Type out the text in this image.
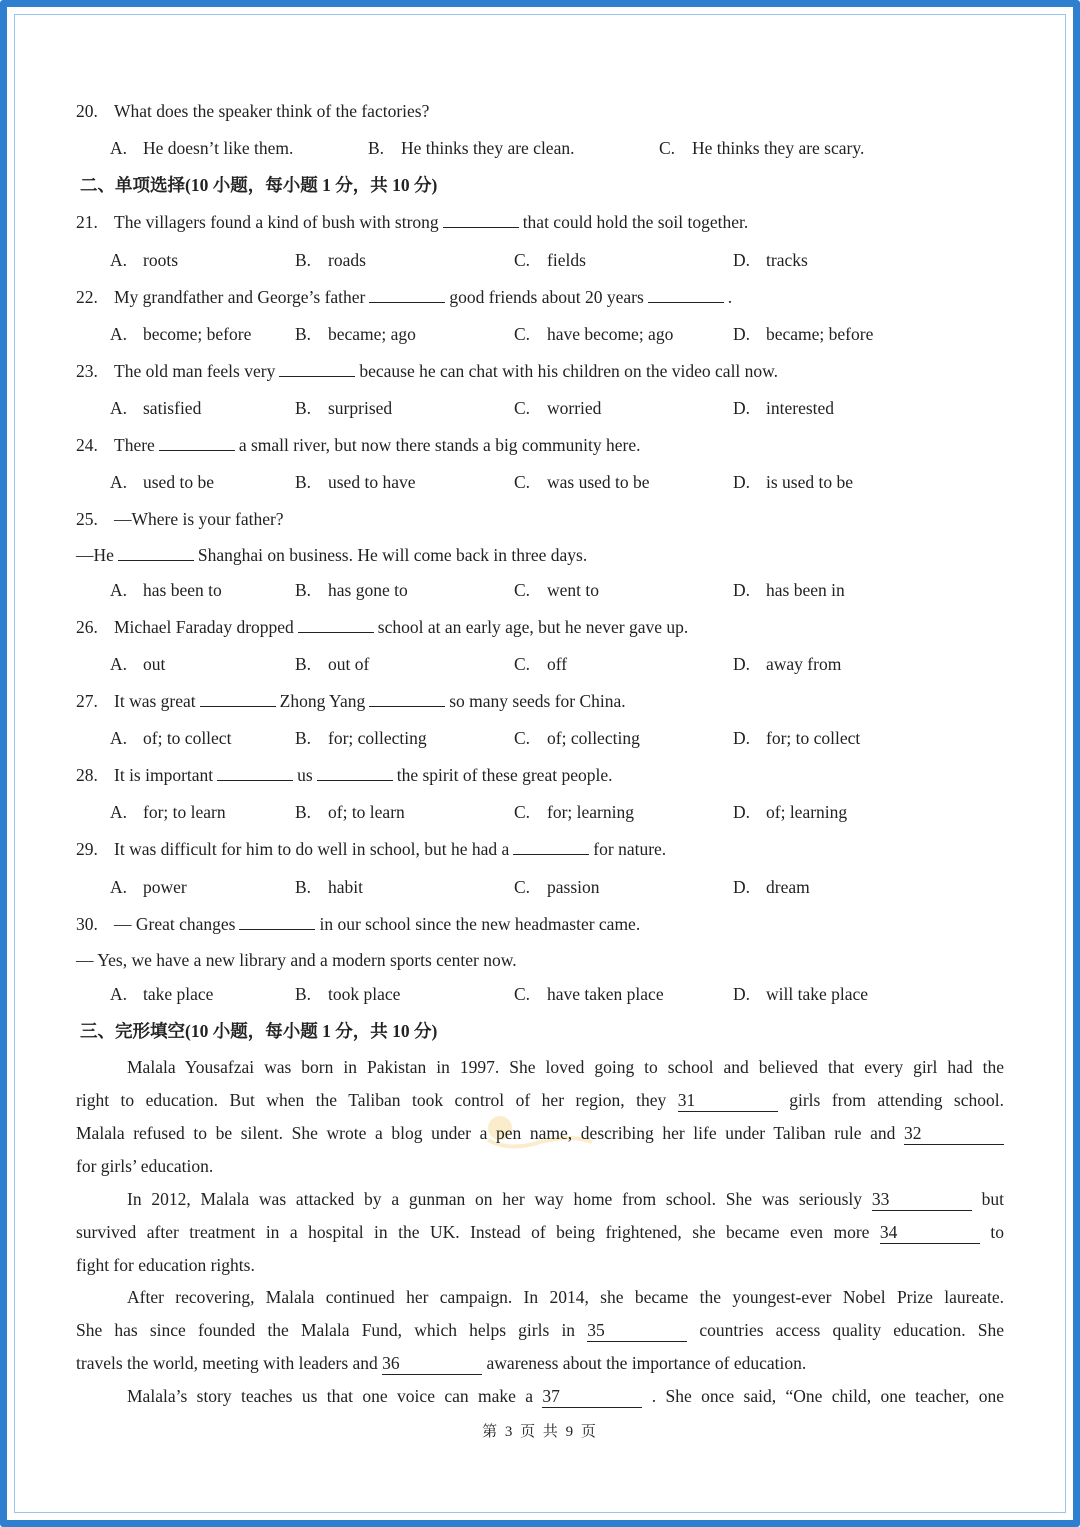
20. What does the speaker think of the factories?
21. The villagers found a kind of bush with strong	that could hold the soil together.
22. My grandfather and George’s father	good friends about 20 years	.
23. The old man feels very	because he can chat with his children on the video call now.
24. There	a small river, but now there stands a big community here.
25. —Where is your father?
26. Michael Faraday dropped	school at an early age, but he never gave up.
27. It was great	Zhong Yang	so many seeds for China.
28. It is important	us	the spirit of these great people.
29. It was difficult for him to do well in school, but he had a	for nature.
30. — Great changes	in our school since the new headmaster came.
—He	Shanghai on business. He will come back in three days.
— Yes, we have a new library and a modern sports center now.
A. He doesn’t like them.	B. He thinks they are clean.	C. He thinks they are scary.
A. roots	B. roads	C. fields	D. tracks
A. become; before B. became; ago	C. have become; ago	D. became; before
A. satisfied	B. surprised	C. worried	D. interested
A. used to be	B. used to have	C. was used to be	D. is used to be
A. has been to	B. has gone to	C. went to	D. has been in
A. out	B. out of	C. off	D. away from
A. of; to collect	B. for; collecting	C. of; collecting	D. for; to collect
A. for; to learn	B. of; to learn	C. for; learning	D. of; learning
A. power	B. habit	C. passion	D. dream
A. take place	B. took place	C. have taken place	D. will take place
二、单项选择(10 小题，每小题 1 分，共 10 分)
三、完形填空(10 小题，每小题 1 分，共 10 分)
Malala Yousafzai was born in Pakistan in 1997. She loved going to school and believed that every girl had the
right to education. But when the Taliban took control of her region, they 31	girls from attending school.
Malala refused to be silent. She wrote a blog under a pen name, describing her life under Taliban rule and 32
for girls’ education.
In 2012, Malala was attacked by a gunman on her way home from school. She was seriously 33	but
survived after treatment in a hospital in the UK. Instead of being frightened, she became even more 34	to
fight for education rights.
After recovering, Malala continued her campaign. In 2014, she became the youngest-ever Nobel Prize laureate.
She has since founded the Malala Fund, which helps girls in 35	countries access quality education. She
travels the world, meeting with leaders and 36	awareness about the importance of education.
Malala’s story teaches us that one voice can make a 37	. She once said, “One child, one teacher, one
第 3 页 共 9 页
